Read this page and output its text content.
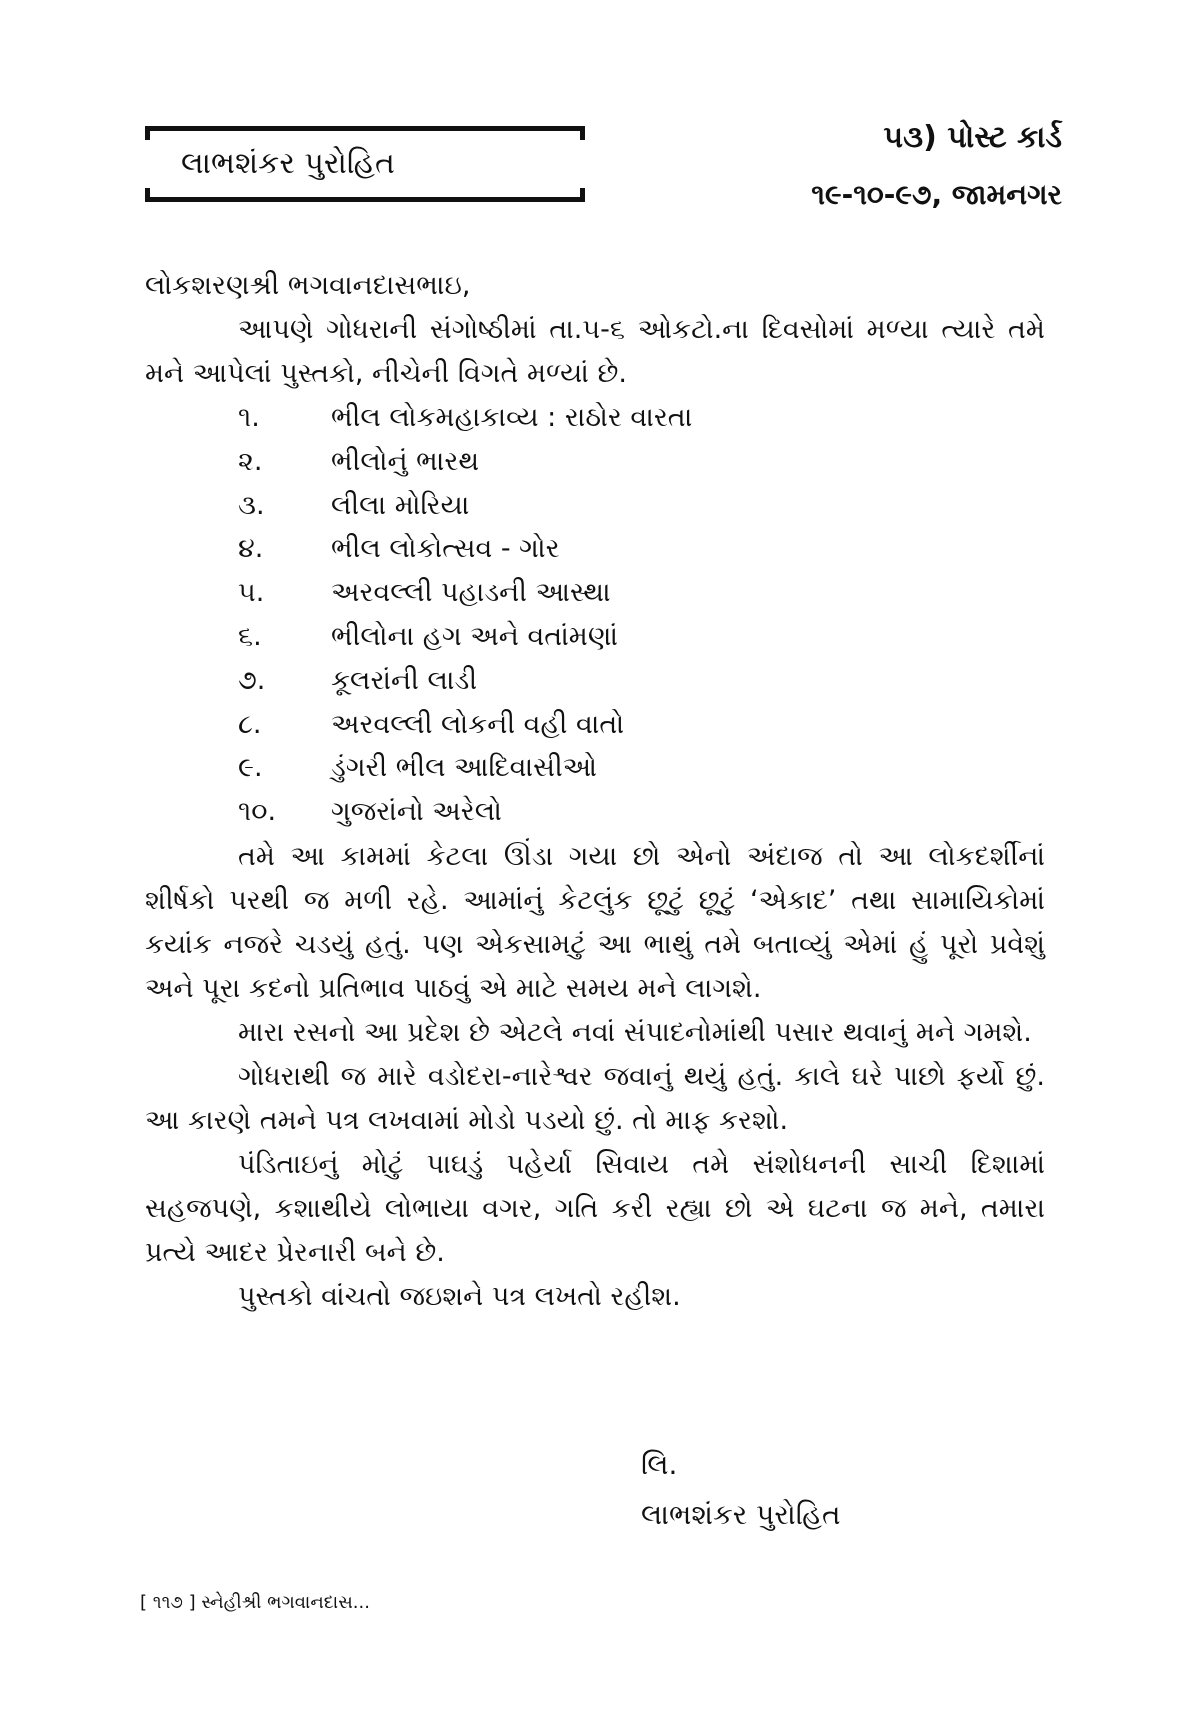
લાભશંકર પુરોહિત
૫૩) પોસ્ટ કાર્ડ
૧૯-૧૦-૯૭, જામનગર
લોકશરણશ્રી ભગવાનદાસભાઇ,

આપણે ગોધરાની સંગોષ્ઠીમાં તા.૫-૬ ઓકટો.ના દિવસોમાં મળ્યા ત્યારે તમે મને આપેલાં પુસ્તકો, નીચેની વિગતે મળ્યાં છે.

૧.	ભીલ લોકમહાકાવ્ય : રાઠોર વારતા
૨.	ભીલોનું ભારથ
૩. લીલા મોરિયા
૪.	ભીલ લોકોત્સવ - ગોર
૫. અરવલ્લી પહાડની આસ્થા
૬.	ભીલોના હગ અને વતાંમણાં
૭. કૂલરાંની લાડી
૮.	અરવલ્લી લોકની વહી વાતો
૯.	ડુંગરી ભીલ આદિવાસીઓ
૧૦. ગુજરાંનો અરેલો

તમે આ કામમાં કેટલા ઊંડા ગયા છો એનો અંદાજ તો આ લોકદર્શીનાં શીર્ષકો પરથી જ મળી રહે. આમાંનું કેટલુંક છૂટું છૂટું ‘એકાદ’ તથા સામાયિકોમાં કયાંક નજરે ચડયું હતું. પણ એકસામટું આ ભાથું તમે બતાવ્યું એમાં હું પૂરો પ્રવેશું અને પૂરા કદનો પ્રતિભાવ પાઠવું એ માટે સમય મને લાગશે.

મારા રસનો આ પ્રદેશ છે એટલે નવાં સંપાદનોમાંથી પસાર થવાનું મને ગમશે.

ગોધરાથી જ મારે વડોદરા-નારેશ્વર જવાનું થયું હતું. કાલે ઘરે પાછો ફર્યો છું. આ કારણે તમને પત્ર લખવામાં મોડો પડયો છું. તો માફ કરશો.

પંડિતાઇનું મોટું પાઘડું પહેર્યા સિવાય તમે સંશોધનની સાચી દિશામાં સહજપણે, કશાથીયે લોભાયા વગર, ગતિ કરી રહ્યા છો એ ઘટના જ મને, તમારા પ્રત્યે આદર પ્રેરનારી બને છે.

પુસ્તકો વાંચતો જઇશને પત્ર લખતો રહીશ.

લિ.
લાભશંકર પુરોહિત
[ ૧૧૭ ] સ્નેહીશ્રી ભગવાનદાસ...
